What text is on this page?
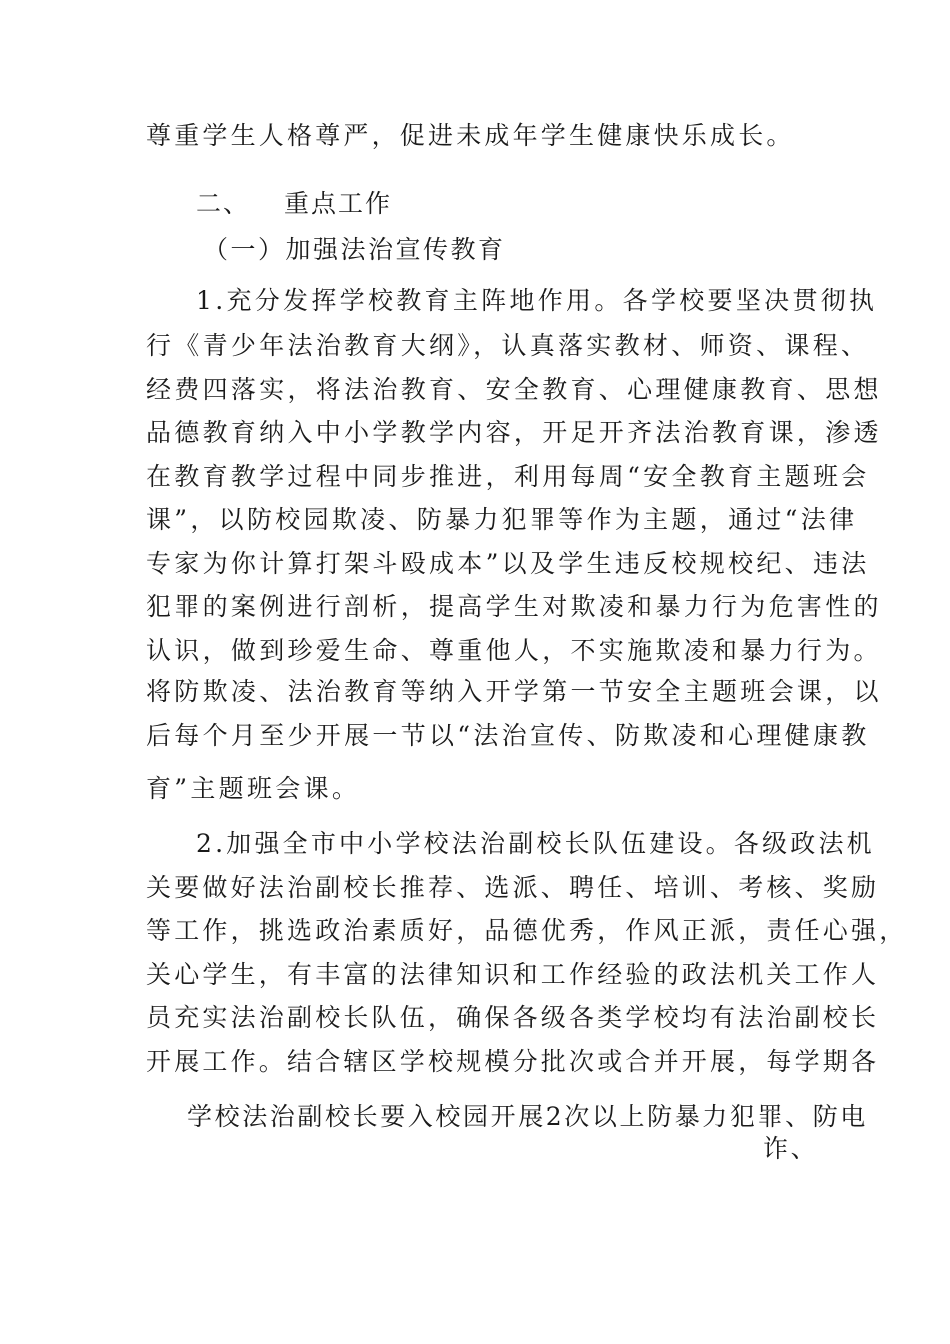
尊重学生人格尊严，促进未成年学生健康快乐成长。
二、 重点工作
（一）加强法治宣传教育
1.充分发挥学校教育主阵地作用。各学校要坚决贯彻执
行《青少年法治教育大纲》，认真落实教材、师资、课程、
经费四落实，将法治教育、安全教育、心理健康教育、思想
品德教育纳入中小学教学内容，开足开齐法治教育课，渗透
在教育教学过程中同步推进，利用每周“安全教育主题班会
课”，以防校园欺凌、防暴力犯罪等作为主题，通过“法律
专家为你计算打架斗殴成本”以及学生违反校规校纪、违法
犯罪的案例进行剖析，提高学生对欺凌和暴力行为危害性的
认识，做到珍爱生命、尊重他人，不实施欺凌和暴力行为。
将防欺凌、法治教育等纳入开学第一节安全主题班会课，以
后每个月至少开展一节以“法治宣传、防欺凌和心理健康教
育”主题班会课。
2.加强全市中小学校法治副校长队伍建设。各级政法机
关要做好法治副校长推荐、选派、聘任、培训、考核、奖励
等工作，挑选政治素质好，品德优秀，作风正派，责任心强，
关心学生，有丰富的法律知识和工作经验的政法机关工作人
员充实法治副校长队伍，确保各级各类学校均有法治副校长
开展工作。结合辖区学校规模分批次或合并开展，每学期各
学校法治副校长要入校园开展2次以上防暴力犯罪、防电
诈、
